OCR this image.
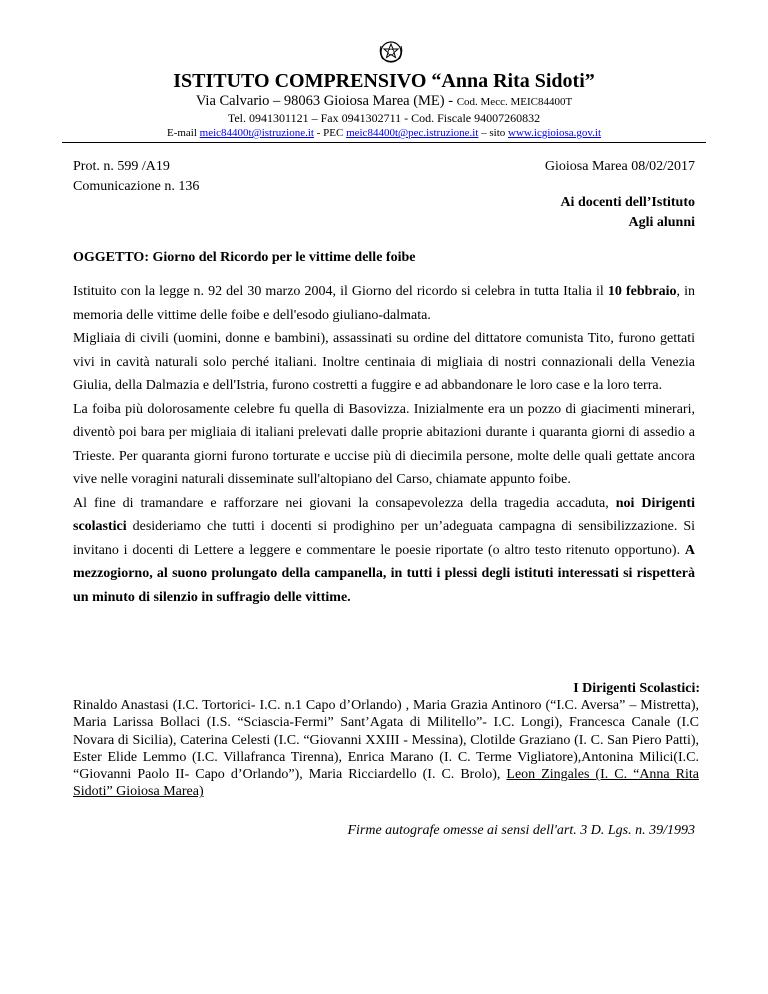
ISTITUTO COMPRENSIVO “Anna Rita Sidoti”
Via Calvario – 98063 Gioiosa Marea (ME) - Cod. Mecc. MEIC84400T
Tel. 0941301121 – Fax 0941302711 - Cod. Fiscale 94007260832
E-mail meic84400t@istruzione.it - PEC meic84400t@pec.istruzione.it – sito www.icgioiosa.gov.it
Prot. n. 599 /A19
Comunicazione n. 136
Gioiosa Marea 08/02/2017
Ai docenti dell’Istituto
Agli alunni
OGGETTO: Giorno del Ricordo per le vittime delle foibe

Istituito con la legge n. 92 del 30 marzo 2004, il Giorno del ricordo si celebra in tutta Italia il 10 febbraio, in memoria delle vittime delle foibe e dell'esodo giuliano-dalmata.

Migliaia di civili (uomini, donne e bambini), assassinati su ordine del dittatore comunista Tito, furono gettati vivi in cavità naturali solo perché italiani. Inoltre centinaia di migliaia di nostri connazionali della Venezia Giulia, della Dalmazia e dell'Istria, furono costretti a fuggire e ad abbandonare le loro case e la loro terra.

La foiba più dolorosamente celebre fu quella di Basovizza. Inizialmente era un pozzo di giacimenti minerari, diventò poi bara per migliaia di italiani prelevati dalle proprie abitazioni durante i quaranta giorni di assedio a Trieste. Per quaranta giorni furono torturate e uccise più di diecimila persone, molte delle quali gettate ancora vive nelle voragini naturali disseminate sull'altopiano del Carso, chiamate appunto foibe.

Al fine di tramandare e rafforzare nei giovani la consapevolezza della tragedia accaduta, noi Dirigenti scolastici desideriamo che tutti i docenti si prodighino per un’adeguata campagna di sensibilizzazione. Si invitano i docenti di Lettere a leggere e commentare le poesie riportate (o altro testo ritenuto opportuno). A mezzogiorno, al suono prolungato della campanella, in tutti i plessi degli istituti interessati si rispetterà un minuto di silenzio in suffragio delle vittime.

I Dirigenti Scolastici:
Rinaldo Anastasi (I.C. Tortorici- I.C. n.1 Capo d’Orlando) , Maria Grazia Antinoro (“I.C. Aversa” – Mistretta), Maria Larissa Bollaci (I.S. “Sciascia-Fermi” Sant’Agata di Militello”- I.C. Longi), Francesca Canale (I.C Novara di Sicilia), Caterina Celesti (I.C. “Giovanni XXIII - Messina), Clotilde Graziano (I. C. San Piero Patti), Ester Elide Lemmo (I.C. Villafranca Tirenna), Enrica Marano (I. C. Terme Vigliatore),Antonina Milici(I.C. “Giovanni Paolo II- Capo d’Orlando”), Maria Ricciardello (I. C. Brolo), Leon Zingales (I. C. “Anna Rita Sidoti” Gioiosa Marea)
Firme autografe omesse ai sensi dell'art. 3 D. Lgs. n. 39/1993
